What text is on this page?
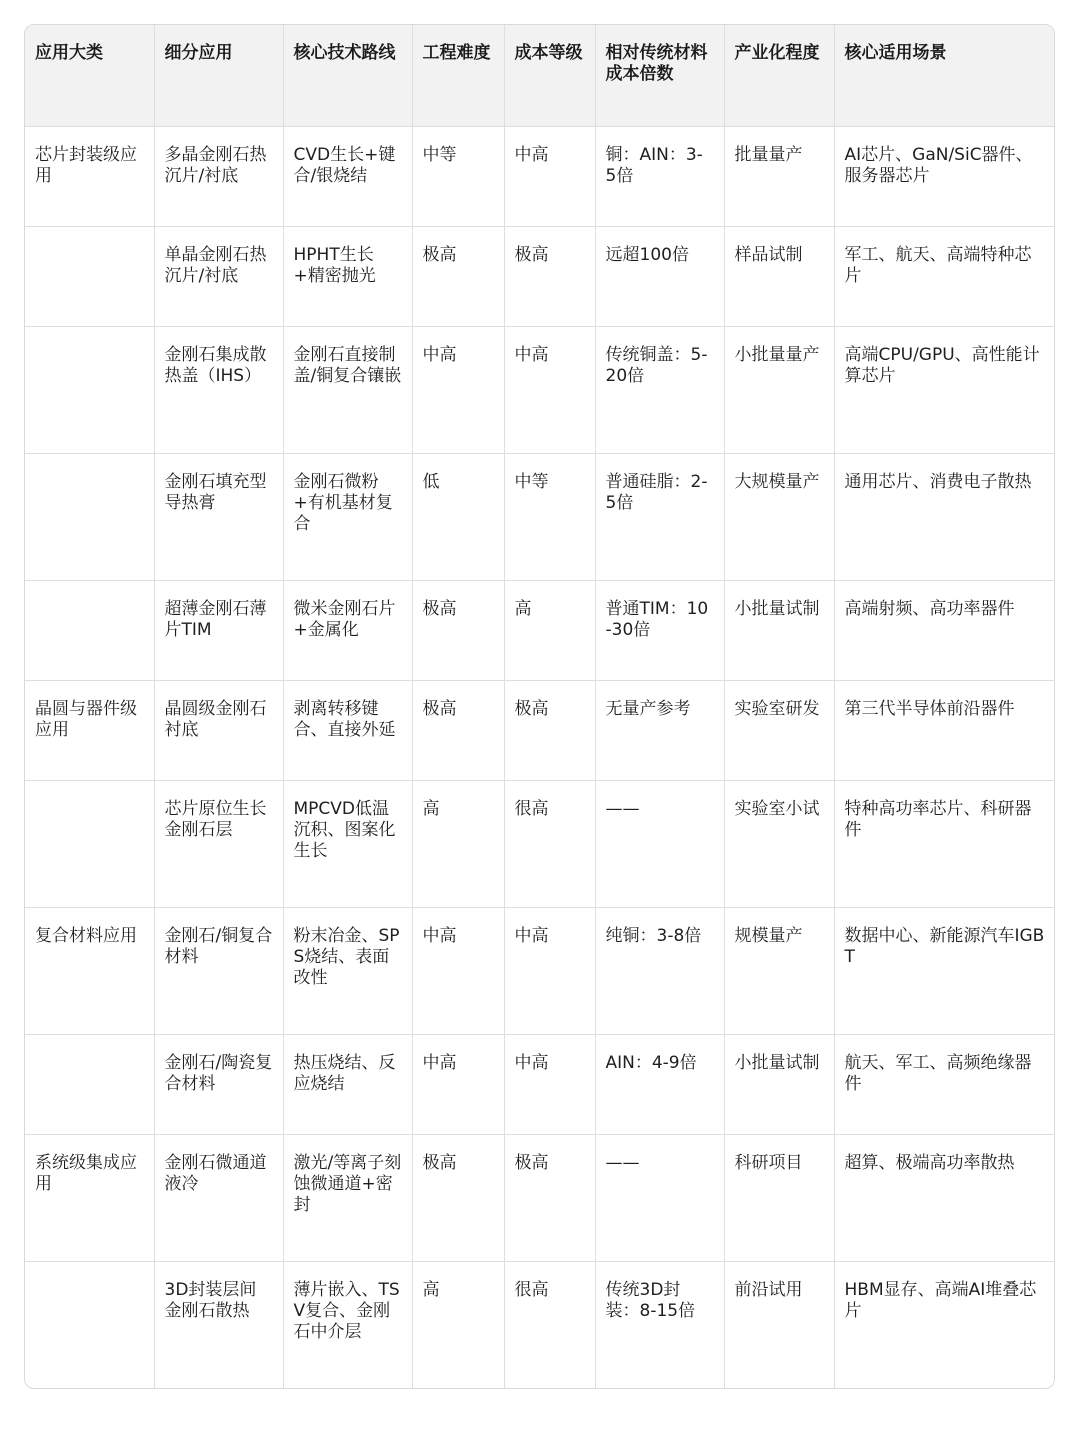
应用大类	细分应用	核心技术路线	工程难度	成本等级	相对传统材料成本倍数	产业化程度	核心适用场景
芯片封装级应用	多晶金刚石热沉片/衬底	CVD生长+键合/银烧结	中等	中高	铜：AIN：3-5倍	批量量产	AI芯片、GaN/SiC器件、服务器芯片
	单晶金刚石热沉片/衬底	HPHT生长+精密抛光	极高	极高	远超100倍	样品试制	军工、航天、高端特种芯片
	金刚石集成散热盖（IHS）	金刚石直接制盖/铜复合镶嵌	中高	中高	传统铜盖：5-20倍	小批量量产	高端CPU/GPU、高性能计算芯片
	金刚石填充型导热膏	金刚石微粉+有机基材复合	低	中等	普通硅脂：2-5倍	大规模量产	通用芯片、消费电子散热
	超薄金刚石薄片TIM	微米金刚石片+金属化	极高	高	普通TIM：10-30倍	小批量试制	高端射频、高功率器件
晶圆与器件级应用	晶圆级金刚石衬底	剥离转移键合、直接外延	极高	极高	无量产参考	实验室研发	第三代半导体前沿器件
	芯片原位生长金刚石层	MPCVD低温沉积、图案化生长	高	很高	——	实验室小试	特种高功率芯片、科研器件
复合材料应用	金刚石/铜复合材料	粉末冶金、SPS烧结、表面改性	中高	中高	纯铜：3-8倍	规模量产	数据中心、新能源汽车IGBT
	金刚石/陶瓷复合材料	热压烧结、反应烧结	中高	中高	AIN：4-9倍	小批量试制	航天、军工、高频绝缘器件
系统级集成应用	金刚石微通道液冷	激光/等离子刻蚀微通道+密封	极高	极高	——	科研项目	超算、极端高功率散热
	3D封装层间金刚石散热	薄片嵌入、TSV复合、金刚石中介层	高	很高	传统3D封装：8-15倍	前沿试用	HBM显存、高端AI堆叠芯片
